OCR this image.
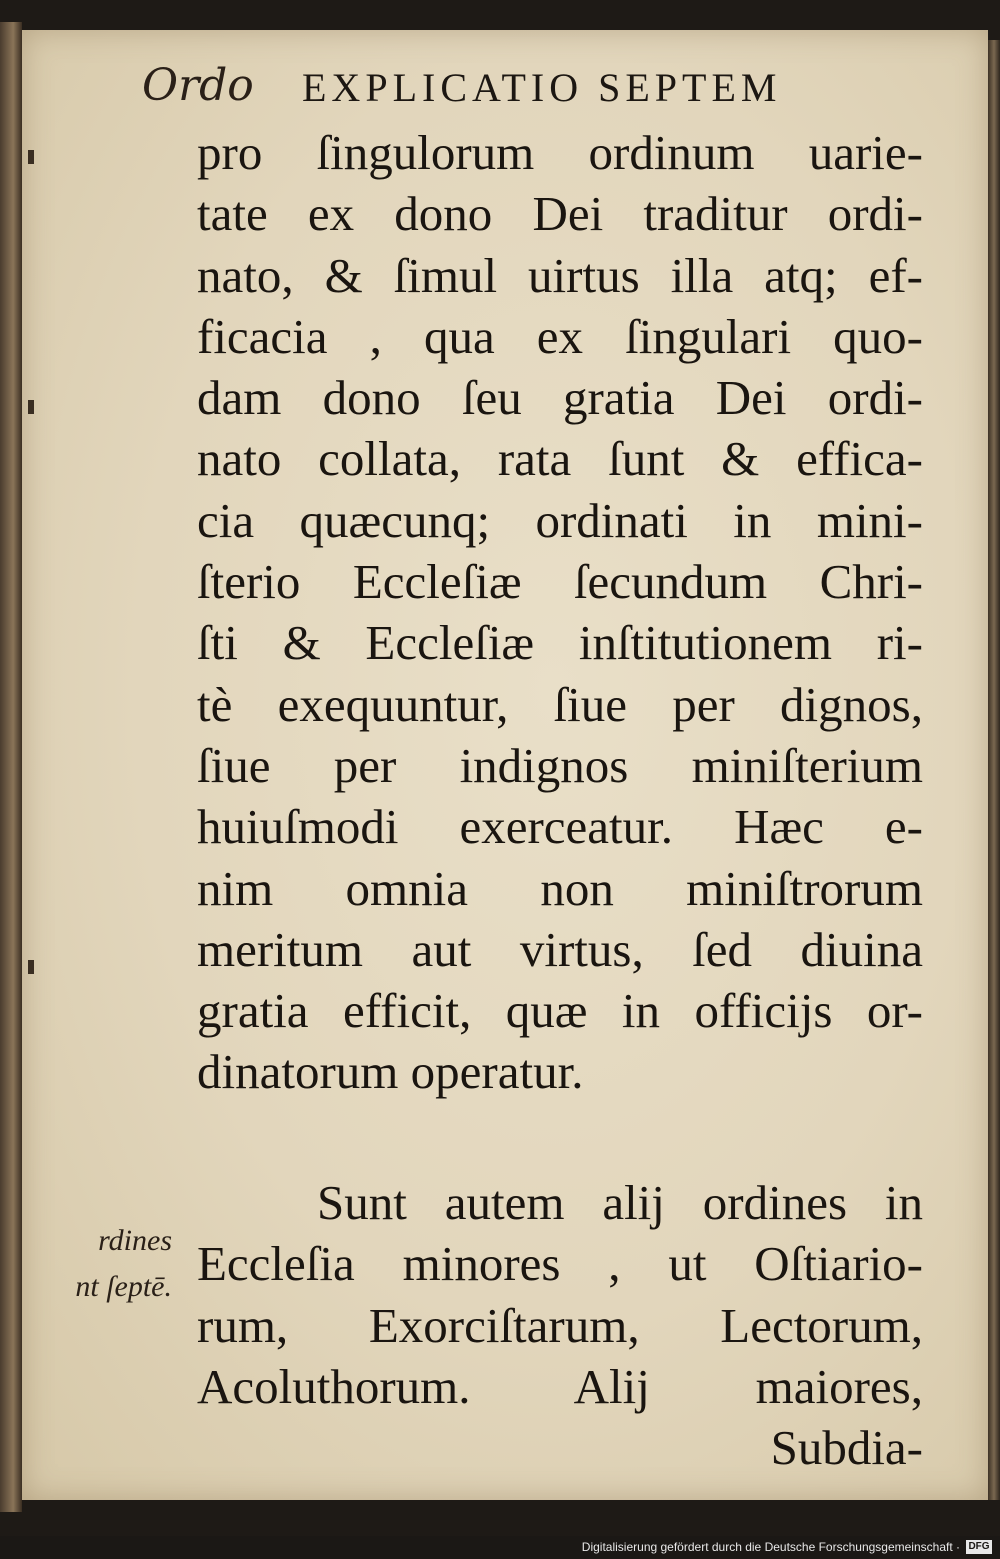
Ordo EXPLICATIO SEPTEM
pro ſingulorum ordinum uarie-
tate ex dono Dei traditur ordi-
nato, & ſimul uirtus illa atq; ef-
ficacia , qua ex ſingulari quo-
dam dono ſeu gratia Dei ordi-
nato collata, rata ſunt & effica-
cia quæcunq; ordinati in mini-
ſterio Eccleſiæ ſecundum Chri-
ſti & Eccleſiæ inſtitutionem ri-
tè exequuntur, ſiue per dignos,
ſiue per indignos miniſterium
huiuſmodi exerceatur. Hæc e-
nim omnia non miniſtrorum
meritum aut virtus, ſed diuina
gratia efficit, quæ in officijs or-
dinatorum operatur.
rdines
nt ſeptē.
Sunt autem alij ordines in
Eccleſia minores , ut Oſtiario-
rum, Exorciſtarum, Lectorum,
Acoluthorum. Alij maiores,
Subdia-
Digitalisierung gefördert durch die Deutsche Forschungsgemeinschaft · DFG
